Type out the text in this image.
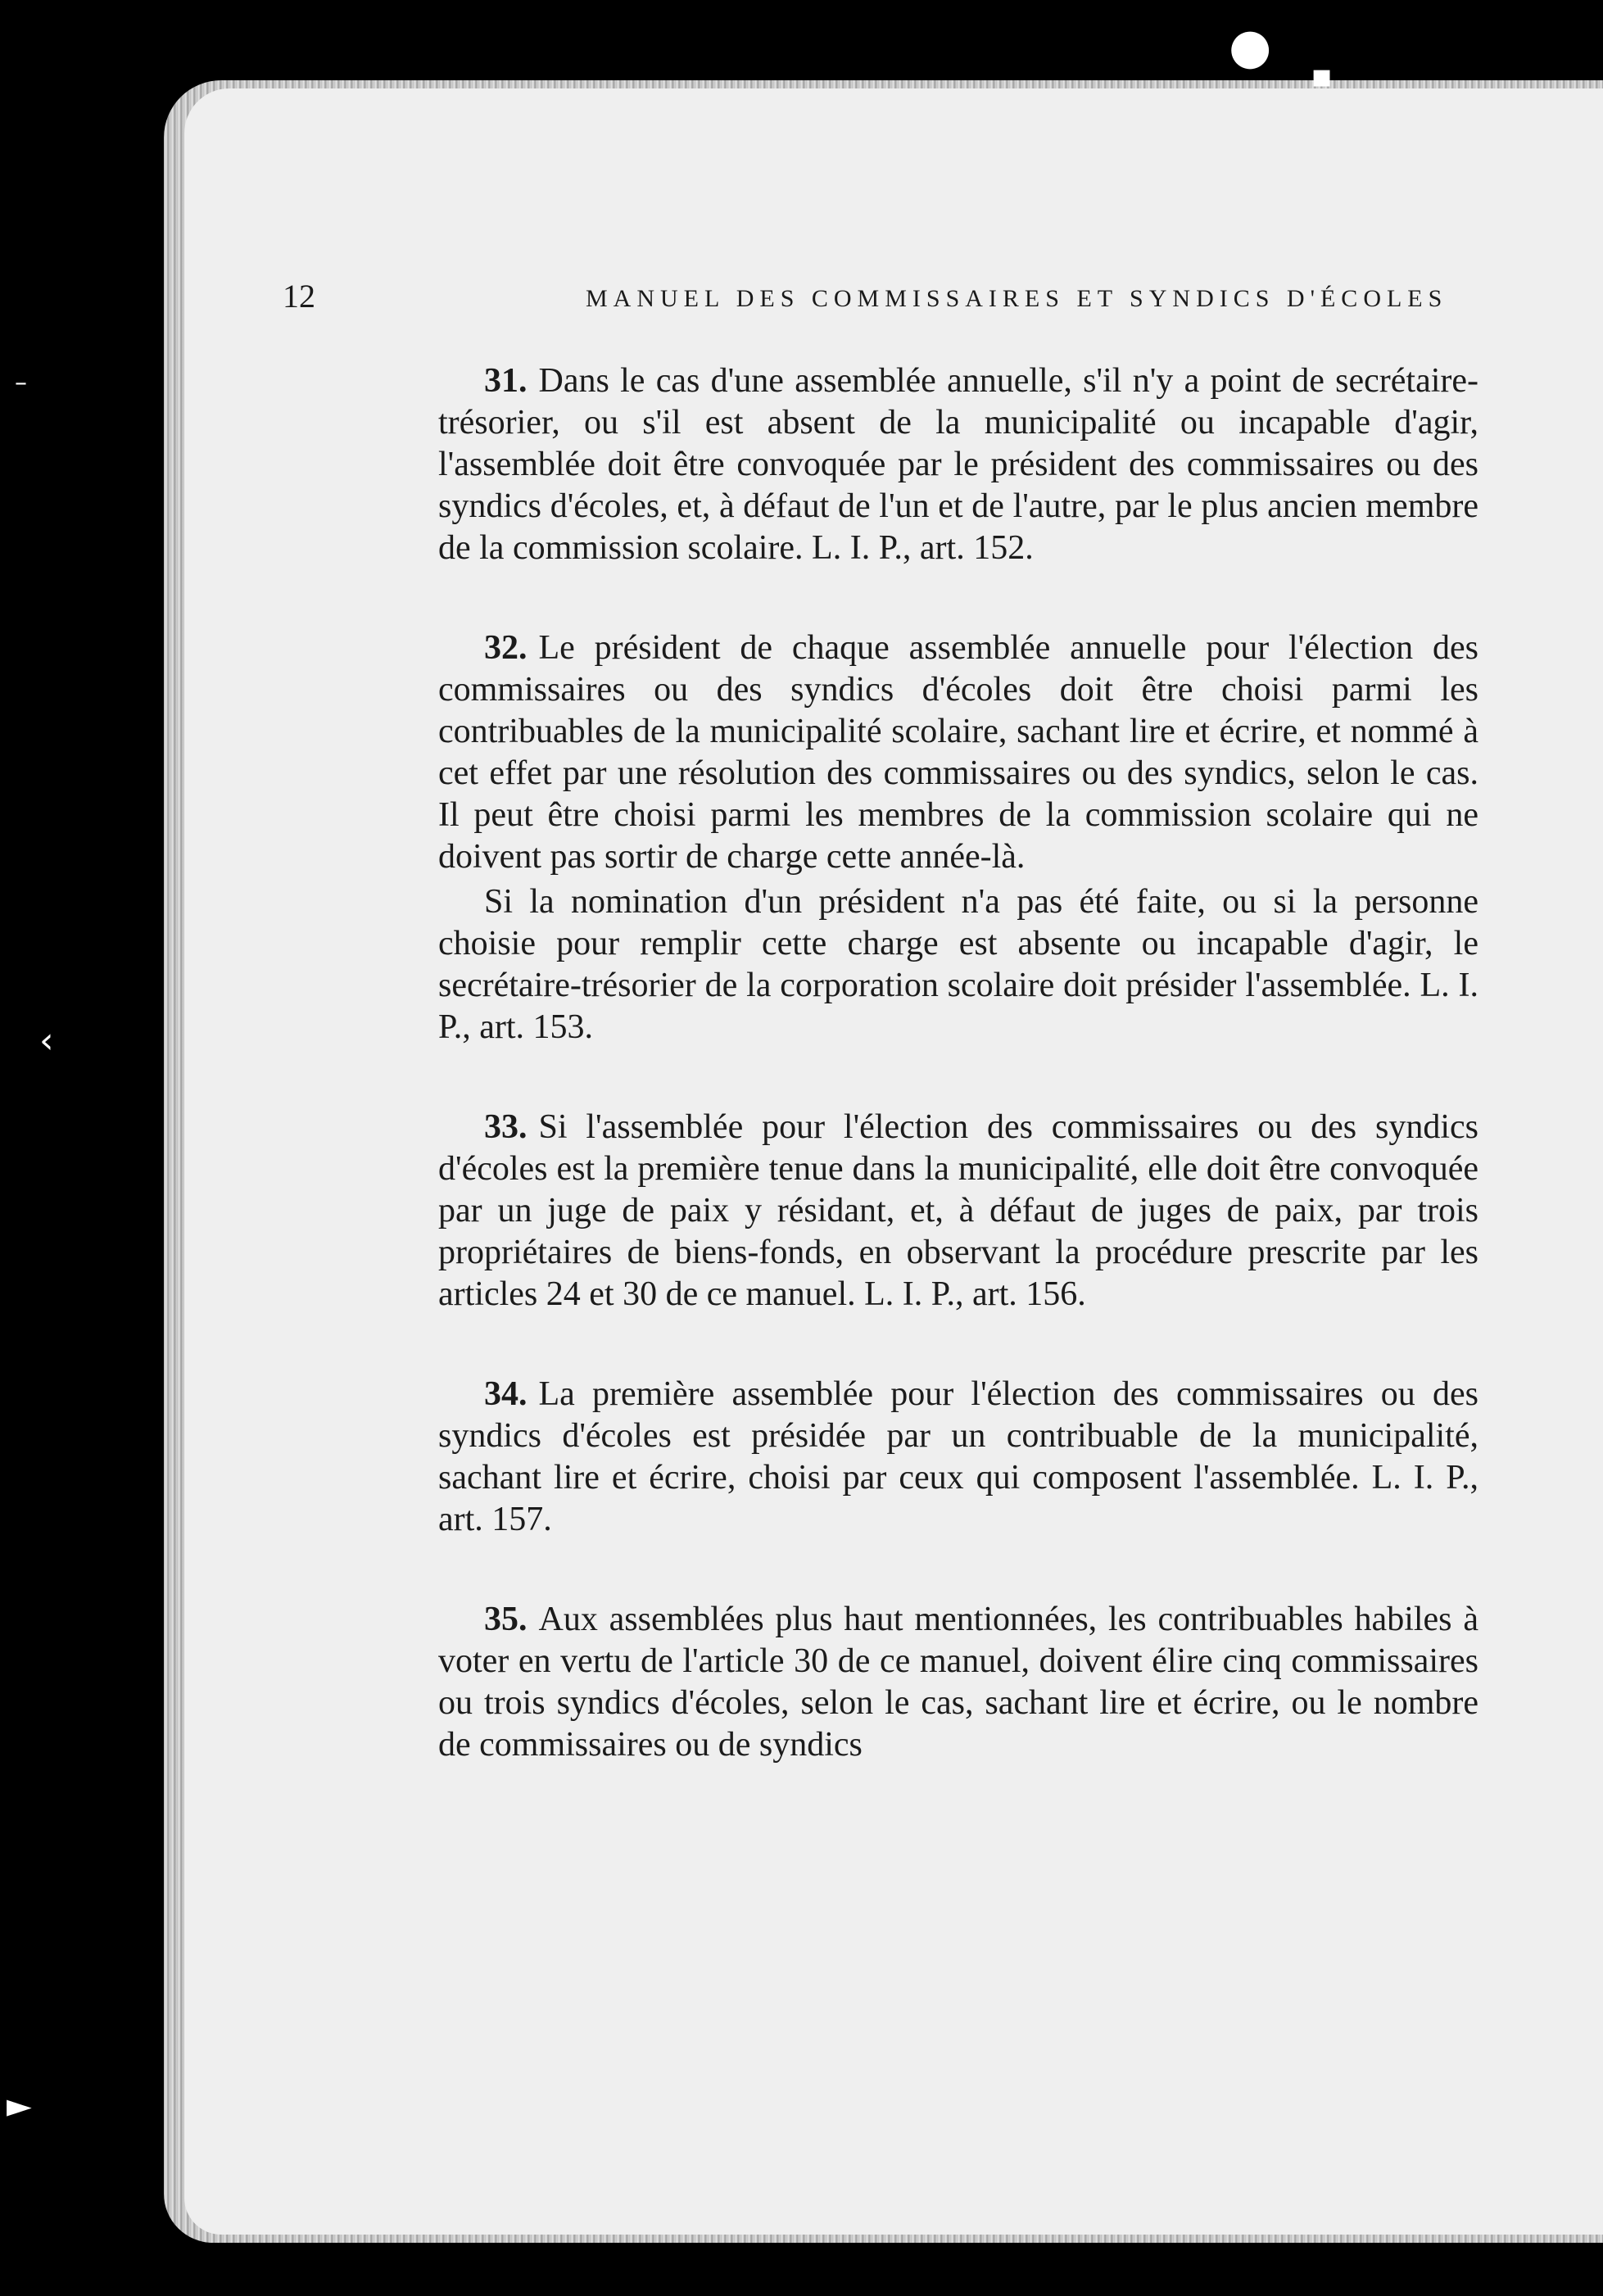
12	MANUEL DES COMMISSAIRES ET SYNDICS D'ÉCOLES

31. Dans le cas d'une assemblée annuelle, s'il n'y a point de secrétaire-trésorier, ou s'il est absent de la municipalité ou incapable d'agir, l'assemblée doit être convoquée par le président des commissaires ou des syndics d'écoles, et, à défaut de l'un et de l'autre, par le plus ancien membre de la commission scolaire. L. I. P., art. 152.

32. Le président de chaque assemblée annuelle pour l'élection des commissaires ou des syndics d'écoles doit être choisi parmi les contribuables de la municipalité scolaire, sachant lire et écrire, et nommé à cet effet par une résolution des commissaires ou des syndics, selon le cas. Il peut être choisi parmi les membres de la commission scolaire qui ne doivent pas sortir de charge cette année-là.

Si la nomination d'un président n'a pas été faite, ou si la personne choisie pour remplir cette charge est absente ou incapable d'agir, le secrétaire-trésorier de la corporation scolaire doit présider l'assemblée. L. I. P., art. 153.

33. Si l'assemblée pour l'élection des commissaires ou des syndics d'écoles est la première tenue dans la municipalité, elle doit être convoquée par un juge de paix y résidant, et, à défaut de juges de paix, par trois propriétaires de biens-fonds, en observant la procédure prescrite par les articles 24 et 30 de ce manuel. L. I. P., art. 156.

34. La première assemblée pour l'élection des commissaires ou des syndics d'écoles est présidée par un contribuable de la municipalité, sachant lire et écrire, choisi par ceux qui composent l'assemblée. L. I. P., art. 157.

35. Aux assemblées plus haut mentionnées, les contribuables habiles à voter en vertu de l'article 30 de ce manuel, doivent élire cinq commissaires ou trois syndics d'écoles, selon le cas, sachant lire et écrire, ou le nombre de commissaires ou de syndics

●
▪
–
‹
►
